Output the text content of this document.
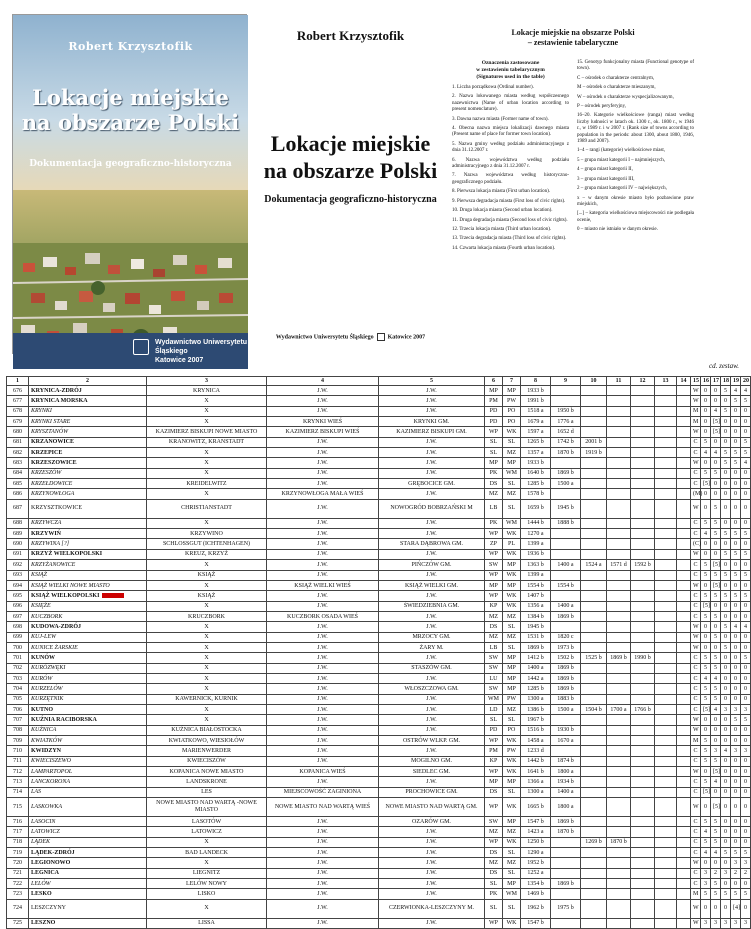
Robert Krzysztofik
Lokacje miejskie
na obszarze Polski
Dokumentacja geograficzno-historyczna
Wydawnictwo Uniwersytetu Śląskiego
Katowice 2007
Robert Krzysztofik
Lokacje miejskie
na obszarze Polski
Dokumentacja geograficzno-historyczna
Wydawnictwo Uniwersytetu Śląskiego Katowice 2007
Lokacje miejskie na obszarze Polski
– zestawienie tabelaryczne
Oznaczenia zastosowane
w zestawieniu tabelarycznym
(Signatures used in the table)

1. Liczba porządkowa (Ordinal number).

2. Nazwa lokowanego miasta według współczesnego nazewnictwa (Name of urban location according to present nomenclature).

3. Dawna nazwa miasta (Former name of town).

4. Obecna nazwa miejsca lokalizacji dawnego miasta (Present name of place for former town location).

5. Nazwa gminy według podziału administracyjnego z dnia 31.12.2007 r.

6. Nazwa województwa według podziału administracyjnego z dnia 31.12.2007 r.

7. Nazwa województwa według historyczno-geograficznego podziału.

8. Pierwsza lokacja miasta (First urban location).

9. Pierwsza degradacja miasta (First loss of civic rights).

10. Druga lokacja miasta (Second urban location).

11. Druga degradacja miasta (Second loss of civic rights).

12. Trzecia lokacja miasta (Third urban location).

13. Trzecia degradacja miasta (Third loss of civic rights).

14. Czwarta lokacja miasta (Fourth urban location).

15. Genotyp funkcjonalny miasta (Functional genotype of town).

C – ośrodek o charakterze centralnym,

M – ośrodek o charakterze mieszanym,

W – ośrodek o charakterze wyspecjalizowanym,

P – ośrodek peryferyjny,

16–20. Kategorie wielkościowe (ranga) miast według liczby ludności w latach ok. 1300 r., ok. 1800 r., w 1946 r., w 1989 r. i w 2007 r. (Rank size of towns according to population in the periods: about 1300, about 1800, 1946, 1989 and 2007).

1–4 – rangi (kategorie) wielkościowe miast,

5 – grupa miast kategorii I – najmniejszych,

4 – grupa miast kategorii II,

3 – grupa miast kategorii III,

2 – grupa miast kategorii IV – największych,

x – w danym okresie miasto było pozbawione praw miejskich,

[...] – kategoria wielkościowa miejscowości nie podlegała ocenie,

0 – miasto nie istniało w danym okresie.

cd. zestaw.
1	2	3	4	5	6	7	8	9	10	11	12	13	14	15	16	17	18	19	20
676	KRYNICA-ZDRÓJ	KRYNICA	J.W.	J.W.	MP	MP	1933 b							W	0	0	5	4	4
677	KRYNICA MORSKA	X	J.W.	J.W.	PM	PW	1991 b							W	0	0	0	5	5
678	KRYNKI	X	J.W.	J.W.	PD	PO	1518 a	1950 b						M	0	4	5	0	0
679	KRYNKI STARE	X	KRYNKI WIEŚ	KRYNKI GM.	PD	PO	1679 a	1776 a						M	0	[5]	0	0	0
680	KRYSZTANÓW	KAZIMIERZ BISKUPI NOWE MIASTO	KAZIMIERZ BISKUPI WIEŚ	KAZIMIERZ BISKUPI GM.	WP	WK	1597 a	1652 d						W	0	[5]	0	0	0
681	KRZANOWICE	KRANOWITZ, KRANSTADT	J.W.	J.W.	SL	SL	1265 b	1742 b	2001 b					C	5	0	0	0	5
682	KRZEPICE	X	J.W.	J.W.	SL	MZ	1357 a	1870 b	1919 b					C	4	4	5	5	5
683	KRZESZOWICE	X	J.W.	J.W.	MP	MP	1933 b							W	0	0	5	5	4
684	KRZESZÓW	X	J.W.	J.W.	PK	WM	1640 b	1869 b						C	5	5	0	0	0
685	KRZEŁDOWICE	KREIDELWITZ	J.W.	GRĘBOCICE GM.	DS	SL	1285 b	1500 a						C	[5]	0	0	0	0
686	KRZYNOWŁOGA	X	KRZYNOWŁOGA MAŁA WIEŚ	J.W.	MZ	MZ	1578 b							(M)	0	0	0	0	0
687	KRZYSZTKOWICE	CHRISTIANSTADT	J.W.	NOWOGRÓD BOBRZAŃSKI M	LB	SL	1659 b	1945 b						W	0	5	0	0	0
688	KRZYWCZA	X	J.W.	J.W.	PK	WM	1444 b	1888 b						C	5	5	0	0	0
689	KRZYWIŃ	KRZYWINO	J.W.	J.W.	WP	WK	1270 a							C	4	5	5	5	5
690	KRZYWINA [?]	SCHLOSSGUT (ICHTENHAGEN)	J.W.	STARA DĄBROWA GM.	ZP	PL	1399 a							(C)	0	0	0	0	0
691	KRZYŻ WIELKOPOLSKI	KREUZ, KRZYŻ	J.W.	J.W.	WP	WK	1936 b							W	0	0	5	5	5
692	KRZYŻANOWICE	X	J.W.	PIŃCZÓW GM.	SW	MP	1363 b	1400 a	1524 a	1571 d	1592 b			C	5	[5]	0	0	0
693	KSIĄŻ	KSIĄŻ	J.W.	J.W.	WP	WK	1399 a							C	5	5	5	5	5
694	KSIĄŻ WIELKI NOWE MIASTO	X	KSIĄŻ WIELKI WIEŚ	KSIĄŻ WIELKI GM.	MP	MP	1554 b	1554 b						W	0	[5]	0	0	0
695	KSIĄŻ WIELKOPOLSKI	KSIĄŻ	J.W.	J.W.	WP	WK	1407 b							C	5	5	5	5	5
696	KSIĘŻE	X	J.W.	ŚWIEDZIEBNIA GM.	KP	WK	1356 a	1400 a						C	[5]	0	0	0	0
697	KUCZBORK	KRUCZBORK	KUCZBORK OSADA WIEŚ	J.W.	MZ	MZ	1384 b	1869 b						C	5	5	0	0	0
698	KUDOWA-ZDRÓJ	X	J.W.	J.W.	DS	SL	1945 b							W	0	0	5	4	4
699	KUJ-LEW	X	J.W.	MRZOCY GM.	MZ	MZ	1531 b	1820 c						W	0	5	0	0	0
700	KUNICE ŻARSKIE	X	J.W.	ŻARY M.	LB	SL	1869 b	1973 b						W	0	0	5	0	0
701	KUNÓW	X	J.W.	J.W.	SW	MP	1412 b	1502 b	1525 b	1869 b	1990 b			C	5	5	0	0	5
702	KURÓZWĘKI	X	J.W.	STASZÓW GM.	SW	MP	1400 a	1869 b						C	5	5	0	0	0
703	KURÓW	X	J.W.	J.W.	LU	MP	1442 a	1869 b						C	4	4	0	0	0
704	KURZELÓW	X	J.W.	WŁOSZCZOWA GM.	SW	MP	1285 b	1869 b						C	5	5	0	0	0
705	KURZĘTNIK	KAWERNICK, KURNIK	J.W.	J.W.	WM	PW	1300 a	1883 b						C	5	5	0	0	0
706	KUTNO	X	J.W.	J.W.	LD	MZ	1386 b	1500 a	1504 b	1700 a	1766 b			C	[5]	4	3	3	3
707	KUŹNIA RACIBORSKA	X	J.W.	J.W.	SL	SL	1967 b							W	0	0	0	5	5
708	KUŹNICA	KUŹNICA BIAŁOSTOCKA	J.W.	J.W.	PD	PO	1516 b	1930 b						W	0	0	0	0	0
709	KWIATKÓW	KWIATKOWO, WIESIOŁÓW	J.W.	OSTRÓW WLKP. GM.	WP	WK	1458 a	1670 a						M	5	0	0	0	0
710	KWIDZYN	MARIENWERDER	J.W.	J.W.	PM	PW	1233 d							C	5	3	4	3	3
711	KWIECISZEWO	KWIECISZÓW	J.W.	MOGILNO GM.	KP	WK	1442 b	1874 b						C	5	5	0	0	0
712	LAMPARTOPOL	KOPANICA NOWE MIASTO	KOPANICA WIEŚ	SIEDLEC GM.	WP	WK	1641 b	1800 a						W	0	[5]	0	0	0
713	LANCKORONA	LANDSKRONE	J.W.	J.W.	MP	MP	1366 a	1934 b						C	5	4	0	0	0
714	LAS	LES	MIEJSCOWOŚĆ ZAGINIONA	PROCHOWICE GM.	DS	SL	1300 a	1400 a						C	[5]	0	0	0	0
715	LASKOWKA	NOWE MIASTO NAD WARTĄ -NOWE MIASTO	NOWE MIASTO NAD WARTĄ WIEŚ	NOWE MIASTO NAD WARTĄ GM.	WP	WK	1665 b	1800 a						W	0	[5]	0	0	0
716	LASOCIN	LASOTÓW	J.W.	OZARÓW GM.	SW	MP	1547 b	1869 b						C	5	5	0	0	0
717	LATOWICZ	LATOWICZ	J.W.	J.W.	MZ	MZ	1423 a	1870 b						C	4	5	0	0	0
718	LĄDEK	X	J.W.	J.W.	WP	WK	1250 b		1269 b	1870 b				C	5	5	0	0	0
719	LĄDEK-ZDRÓJ	BAD LANDECK	J.W.	J.W.	DS	SL	1290 a							C	4	4	5	5	5
720	LEGIONOWO	X	J.W.	J.W.	MZ	MZ	1952 b							W	0	0	0	3	3
721	LEGNICA	LIEGNITZ	J.W.	J.W.	DS	SL	1252 a							C	3	2	3	2	2
722	LELÓW	LELÓW NOWY	J.W.	J.W.	SL	MP	1354 b	1869 b						C	3	5	0	0	0
723	LESKO	LISKO	J.W.	J.W.	PK	WM	1469 b							M	5	5	5	5	5
724	LESZCZYNY	X	J.W.	CZERWIONKA-LESZCZYNY M.	SL	SL	1962 b	1975 b						W	0	0	0	[4]	0
725	LESZNO	LISSA	J.W.	J.W.	WP	WK	1547 b							W	3	3	3	3	3
